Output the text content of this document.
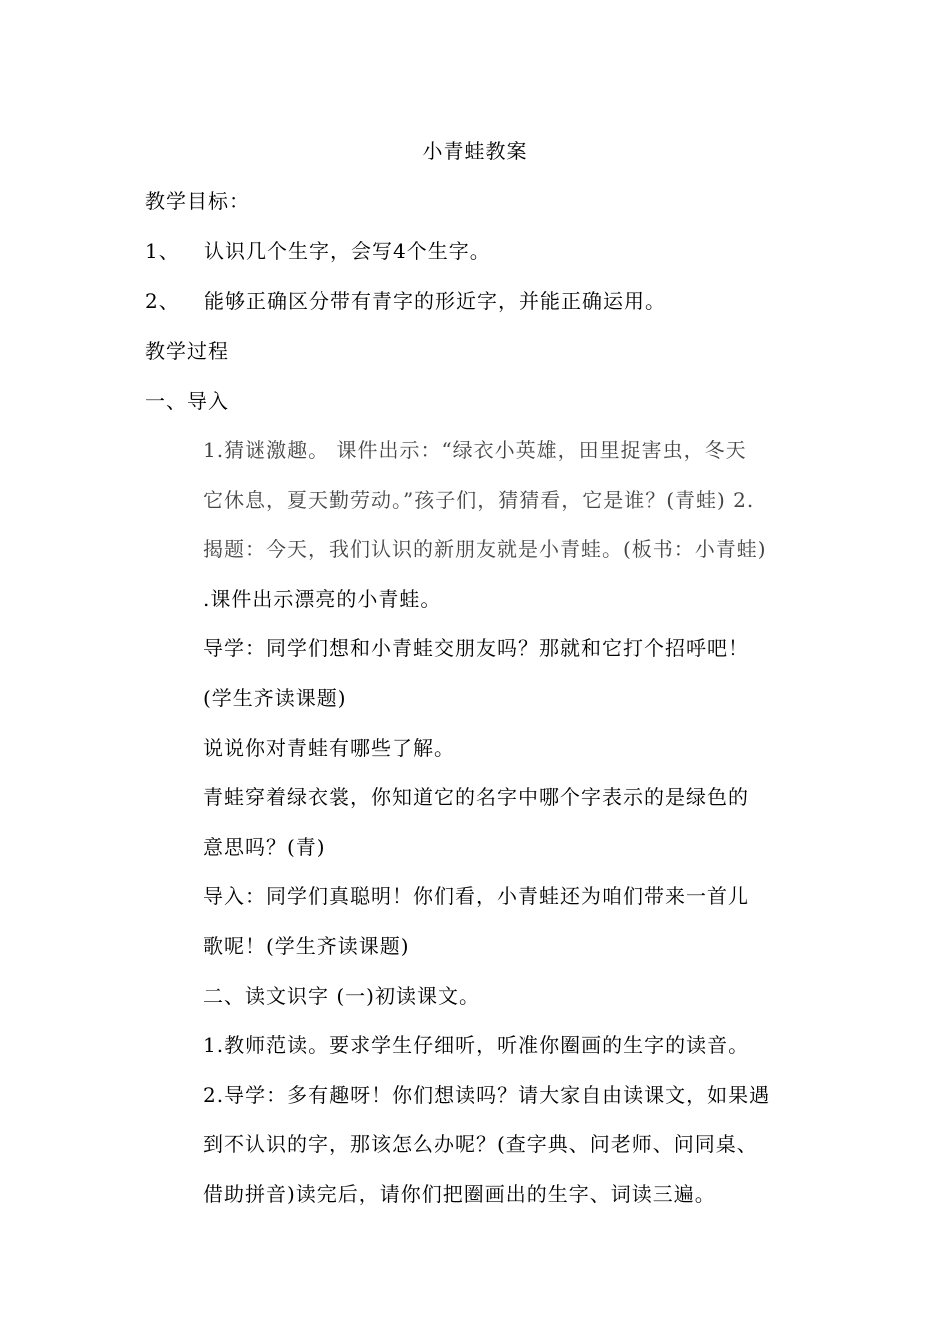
小青蛙教案
教学目标：
1、 认识几个生字，会写4个生字。
2、 能够正确区分带有青字的形近字，并能正确运用。
教学过程
一、导入
1.猜谜激趣。 课件出示：“绿衣小英雄，田里捉害虫，冬天
它休息，夏天勤劳动。”孩子们，猜猜看，它是谁？(青蛙) 2.
揭题：今天，我们认识的新朋友就是小青蛙。(板书：小青蛙)
.课件出示漂亮的小青蛙。
导学：同学们想和小青蛙交朋友吗？那就和它打个招呼吧！
(学生齐读课题)
说说你对青蛙有哪些了解。
青蛙穿着绿衣裳，你知道它的名字中哪个字表示的是绿色的
意思吗？(青)
导入：同学们真聪明！你们看，小青蛙还为咱们带来一首儿
歌呢！(学生齐读课题)
二、读文识字 (一)初读课文。
1.教师范读。要求学生仔细听，听准你圈画的生字的读音。
2.导学：多有趣呀！你们想读吗？请大家自由读课文，如果遇
到不认识的字，那该怎么办呢？(查字典、问老师、问同桌、
借助拼音)读完后，请你们把圈画出的生字、词读三遍。
